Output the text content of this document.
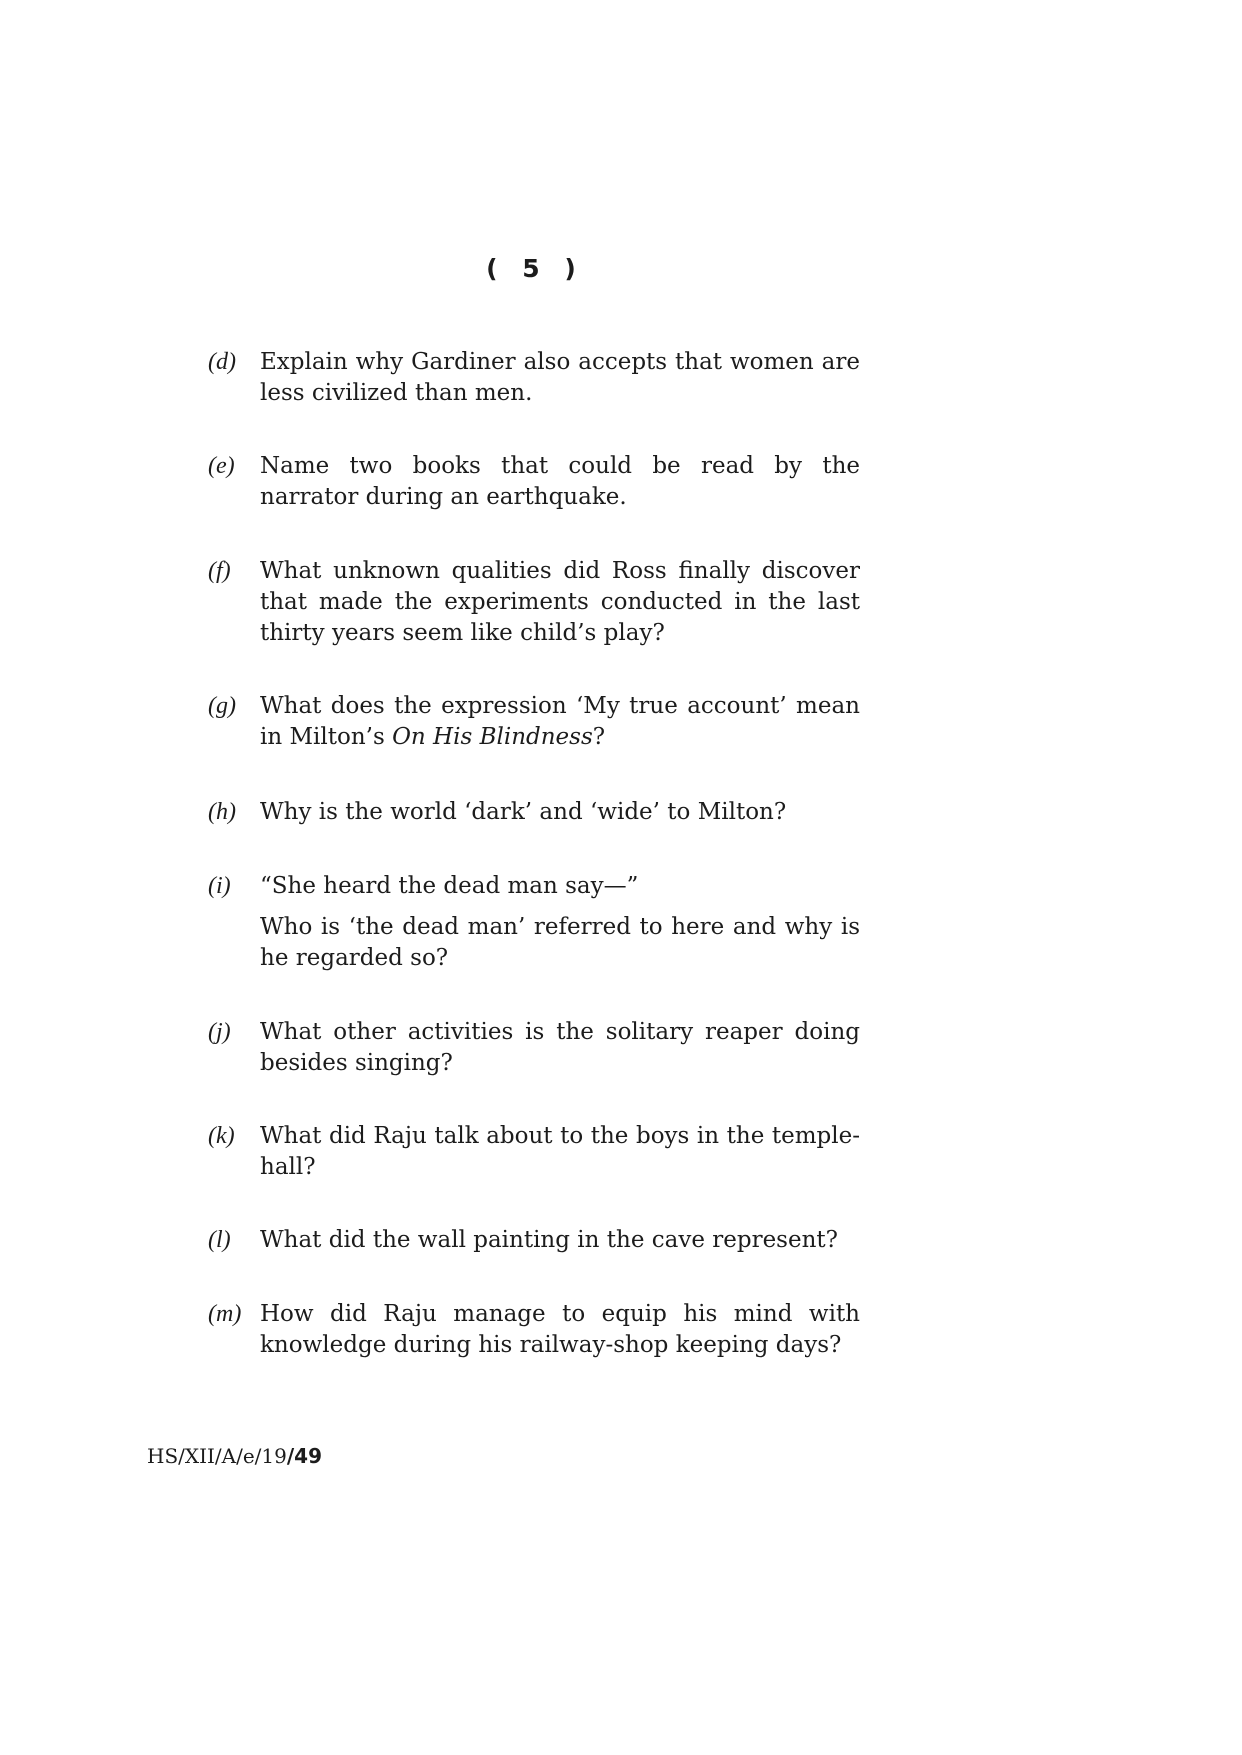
( 5 )
(d)	Explain why Gardiner also accepts that women are less civilized than men.
(e)	Name two books that could be read by the narrator during an earthquake.
(f)	What unknown qualities did Ross finally discover that made the experiments conducted in the last thirty years seem like child’s play?
(g)	What does the expression ‘My true account’ mean in Milton’s On His Blindness?
(h)	Why is the world ‘dark’ and ‘wide’ to Milton?
(i)	“She heard the dead man say—”
Who is ‘the dead man’ referred to here and why is he regarded so?
(j)	What other activities is the solitary reaper doing besides singing?
(k)	What did Raju talk about to the boys in the temple-hall?
(l)	What did the wall painting in the cave represent?
(m) How did Raju manage to equip his mind with knowledge during his railway-shop keeping days?
HS/XII/A/e/19/49
